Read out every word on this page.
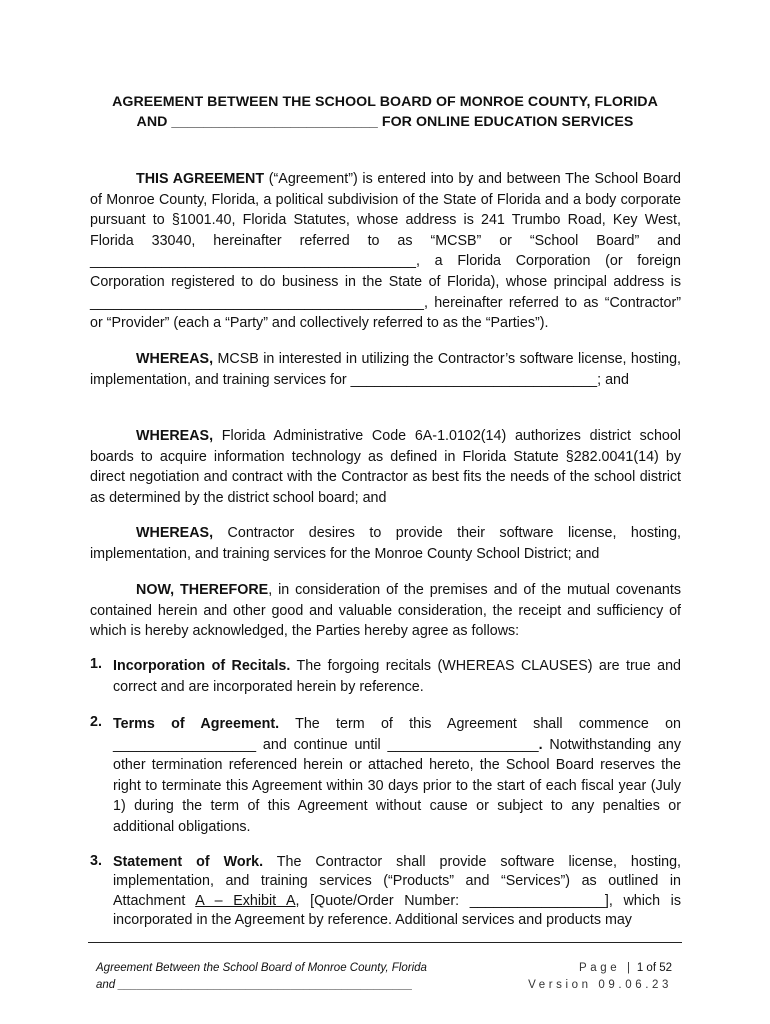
AGREEMENT BETWEEN THE SCHOOL BOARD OF MONROE COUNTY, FLORIDA
AND __________________________ FOR ONLINE EDUCATION SERVICES
THIS AGREEMENT (“Agreement”) is entered into by and between The School Board of Monroe County, Florida, a political subdivision of the State of Florida and a body corporate pursuant to §1001.40, Florida Statutes, whose address is 241 Trumbo Road, Key West, Florida 33040, hereinafter referred to as “MCSB” or “School Board” and _________________________________________, a Florida Corporation (or foreign Corporation registered to do business in the State of Florida), whose principal address is __________________________________________, hereinafter referred to as “Contractor” or “Provider” (each a “Party” and collectively referred to as the “Parties”).
WHEREAS, MCSB in interested in utilizing the Contractor’s software license, hosting, implementation, and training services for _______________________________; and
WHEREAS, Florida Administrative Code 6A-1.0102(14) authorizes district school boards to acquire information technology as defined in Florida Statute §282.0041(14) by direct negotiation and contract with the Contractor as best fits the needs of the school district as determined by the district school board; and
WHEREAS, Contractor desires to provide their software license, hosting, implementation, and training services for the Monroe County School District; and
NOW, THEREFORE, in consideration of the premises and of the mutual covenants contained herein and other good and valuable consideration, the receipt and sufficiency of which is hereby acknowledged, the Parties hereby agree as follows:
1. Incorporation of Recitals. The forgoing recitals (WHEREAS CLAUSES) are true and correct and are incorporated herein by reference.
2. Terms of Agreement. The term of this Agreement shall commence on __________________ and continue until ___________________. Notwithstanding any other termination referenced herein or attached hereto, the School Board reserves the right to terminate this Agreement within 30 days prior to the start of each fiscal year (July 1) during the term of this Agreement without cause or subject to any penalties or additional obligations.
3. Statement of Work. The Contractor shall provide software license, hosting, implementation, and training services (“Products” and “Services”) as outlined in Attachment A – Exhibit A, [Quote/Order Number: _________________], which is incorporated in the Agreement by reference. Additional services and products may
Agreement Between the School Board of Monroe County, Florida
and ______________________________________________
Page | 1 of 52
Version 09.06.23
